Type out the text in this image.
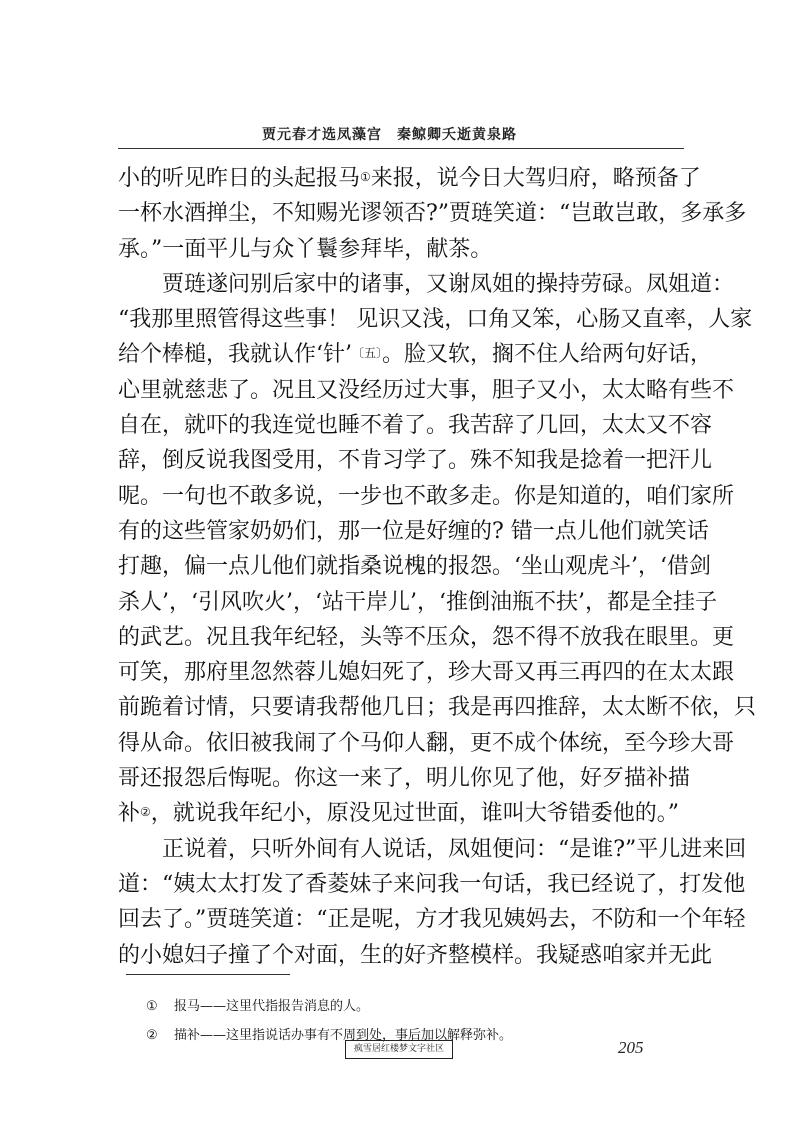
贾元春才选凤藻宫　秦鲸卿夭逝黄泉路
小的听见昨日的头起报马①来报，说今日大驾归府，略预备了
一杯水酒掸尘，不知赐光谬领否?”贾琏笑道：“岂敢岂敢，多承多
承。”一面平儿与众丫鬟参拜毕，献茶。
贾琏遂问别后家中的诸事，又谢凤姐的操持劳碌。凤姐道：
“我那里照管得这些事！ 见识又浅，口角又笨，心肠又直率，人家
给个棒槌，我就认作‘针’$^{〔五〕}$。脸又软，搁不住人给两句好话，
心里就慈悲了。况且又没经历过大事，胆子又小，太太略有些不
自在，就吓的我连觉也睡不着了。我苦辞了几回，太太又不容
辞，倒反说我图受用，不肯习学了。殊不知我是捻着一把汗儿
呢。一句也不敢多说，一步也不敢多走。你是知道的，咱们家所
有的这些管家奶奶们，那一位是好缠的? 错一点儿他们就笑话
打趣，偏一点儿他们就指桑说槐的报怨。‘坐山观虎斗’，‘借剑
杀人’，‘引风吹火’，‘站干岸儿’，‘推倒油瓶不扶’，都是全挂子
的武艺。况且我年纪轻，头等不压众，怨不得不放我在眼里。更
可笑，那府里忽然蓉儿媳妇死了，珍大哥又再三再四的在太太跟
前跪着讨情，只要请我帮他几日；我是再四推辞，太太断不依，只
得从命。依旧被我闹了个马仰人翻，更不成个体统，至今珍大哥
哥还报怨后悔呢。你这一来了，明儿你见了他，好歹描补描
补②，就说我年纪小，原没见过世面，谁叫大爷错委他的。”
正说着，只听外间有人说话，凤姐便问：“是谁?”平儿进来回
道：“姨太太打发了香菱妹子来问我一句话，我已经说了，打发他
回去了。”贾琏笑道：“正是呢，方才我见姨妈去，不防和一个年轻
的小媳妇子撞了个对面，生的好齐整模样。我疑惑咱家并无此
① 报马——这里代指报告消息的人。
② 描补——这里指说话办事有不周到处，事后加以解释弥补。
疯雪居红楼梦文字社区	205
